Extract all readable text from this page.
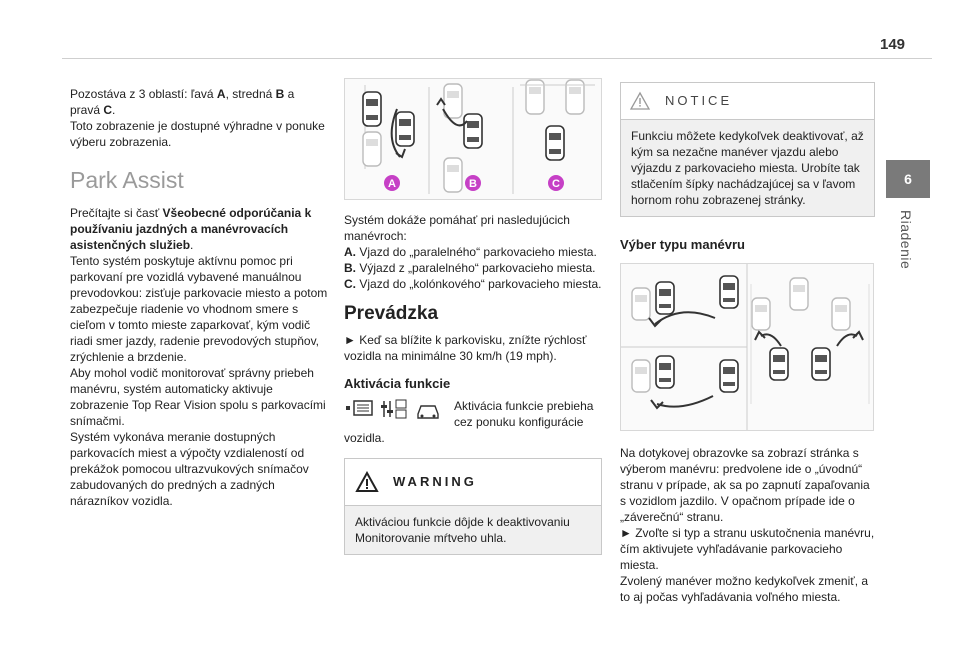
149
6
Riadenie

Pozostáva z 3 oblastí: ľavá A, stredná B a
pravá C.
Toto zobrazenie je dostupné výhradne v ponuke výberu zobrazenia.

Park Assist

Prečítajte si časť Všeobecné odporúčania k používaniu jazdných a manévrovacích asistenčných služieb.

Tento systém poskytuje aktívnu pomoc pri parkovaní pre vozidlá vybavené manuálnou prevodovkou: zisťuje parkovacie miesto a potom zabezpečuje riadenie vo vhodnom smere s cieľom v tomto mieste zaparkovať, kým vodič riadi smer jazdy, radenie prevodových stupňov, zrýchlenie a brzdenie.

Aby mohol vodič monitorovať správny priebeh manévru, systém automaticky aktivuje zobrazenie Top Rear Vision spolu s parkovacími snímačmi.

Systém vykonáva meranie dostupných parkovacích miest a výpočty vzdialeností od prekážok pomocou ultrazvukových snímačov zabudovaných do predných a zadných nárazníkov vozidla.

A	B	C

Systém dokáže pomáhať pri nasledujúcich manévroch:

A. Vjazd do „paralelného“ parkovacieho miesta.

B. Výjazd z „paralelného“ parkovacieho miesta.

C. Vjazd do „kolónkového“ parkovacieho miesta.

Prevádzka

► Keď sa blížite k parkovisku, znížte rýchlosť vozidla na minimálne 30 km/h (19 mph).

Aktivácia funkcie
Aktivácia funkcie prebieha cez ponuku konfigurácie

vozidla.

WARNING
Aktiváciou funkcie dôjde k deaktivovaniu Monitorovanie mŕtveho uhla.
NOTICE
Funkciu môžete kedykoľvek deaktivovať, až kým sa nezačne manéver vjazdu alebo výjazdu z parkovacieho miesta. Urobíte tak stlačením šípky nachádzajúcej sa v ľavom hornom rohu zobrazenej stránky.
Výber typu manévru

Na dotykovej obrazovke sa zobrazí stránka s výberom manévru: predvolene ide o „úvodnú“ stranu v prípade, ak sa po zapnutí zapaľovania s vozidlom jazdilo. V opačnom prípade ide o „záverečnú“ stranu.

► Zvoľte si typ a stranu uskutočnenia manévru, čím aktivujete vyhľadávanie parkovacieho miesta.

Zvolený manéver možno kedykoľvek zmeniť, a to aj počas vyhľadávania voľného miesta.
